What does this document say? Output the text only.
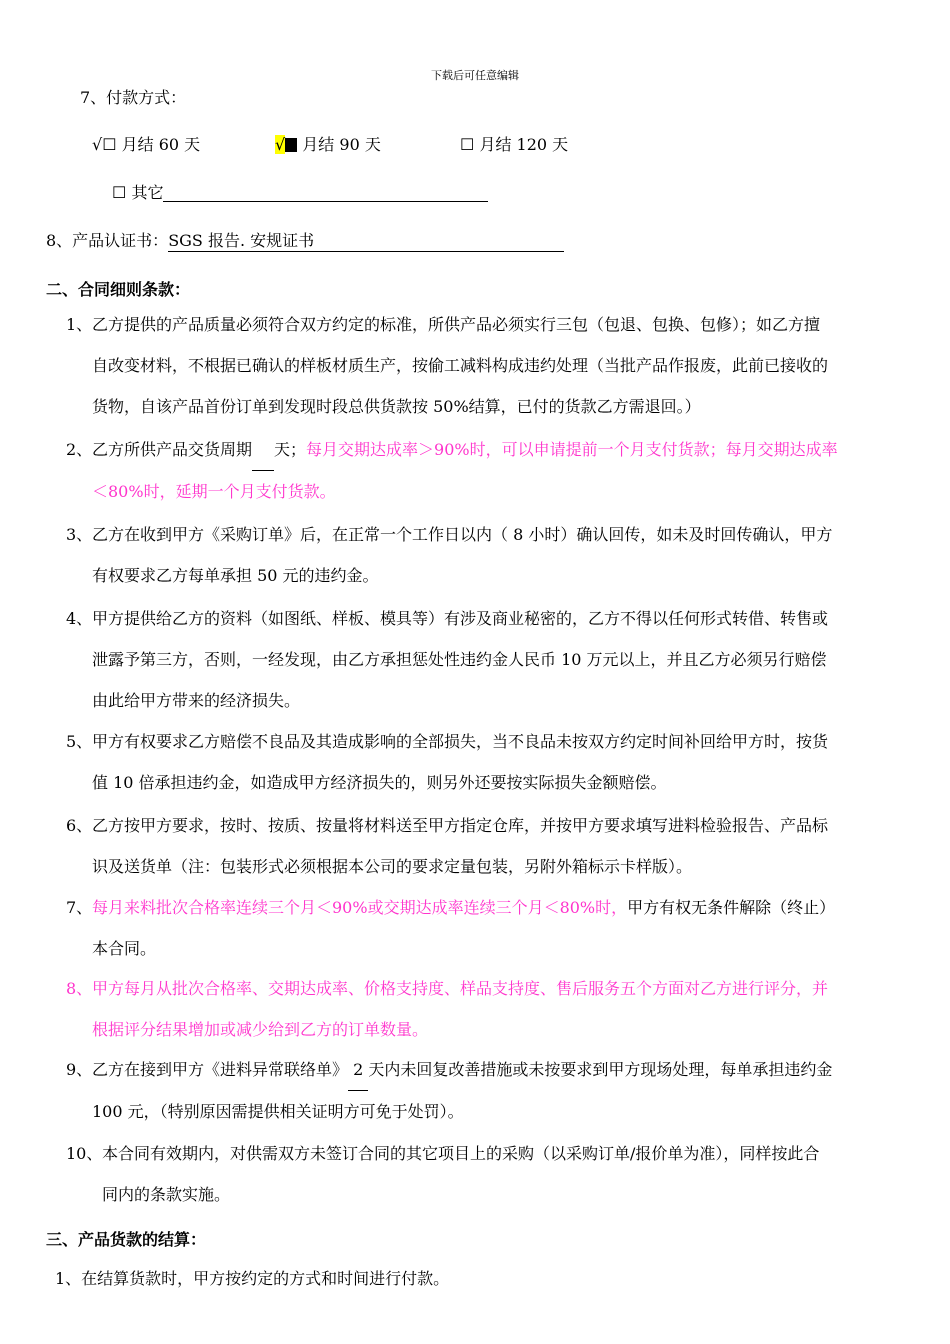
下载后可任意编辑
7、付款方式：
√☐ 月结 60 天	√ 月结 90 天	☐ 月结 120 天
☐ 其它
8、产品认证书：SGS 报告. 安规证书
二、合同细则条款：
1、 乙方提供的产品质量必须符合双方约定的标准，所供产品必须实行三包（包退、包换、包修）；如乙方擅
自改变材料，不根据已确认的样板材质生产，按偷工减料构成违约处理（当批产品作报废，此前已接收的
货物，自该产品首份订单到发现时段总供货款按 50%结算，已付的货款乙方需退回。）
2、 乙方所供产品交货周期 天；每月交期达成率＞90%时，可以申请提前一个月支付货款；每月交期达成率
＜80%时，延期一个月支付货款。
3、 乙方在收到甲方《采购订单》后，在正常一个工作日以内（ 8 小时）确认回传，如未及时回传确认，甲方
有权要求乙方每单承担 50 元的违约金。
4、 甲方提供给乙方的资料（如图纸、样板、模具等）有涉及商业秘密的，乙方不得以任何形式转借、转售或
泄露予第三方，否则，一经发现，由乙方承担惩处性违约金人民币 10 万元以上，并且乙方必须另行赔偿
由此给甲方带来的经济损失。
5、 甲方有权要求乙方赔偿不良品及其造成影响的全部损失，当不良品未按双方约定时间补回给甲方时，按货
值 10 倍承担违约金，如造成甲方经济损失的，则另外还要按实际损失金额赔偿。
6、 乙方按甲方要求，按时、按质、按量将材料送至甲方指定仓库，并按甲方要求填写进料检验报告、产品标
识及送货单（注：包装形式必须根据本公司的要求定量包装，另附外箱标示卡样版）。
7、 每月来料批次合格率连续三个月＜90%或交期达成率连续三个月＜80%时，甲方有权无条件解除（终止）
本合同。
8、 甲方每月从批次合格率、交期达成率、价格支持度、样品支持度、售后服务五个方面对乙方进行评分，并
根据评分结果增加或减少给到乙方的订单数量。
9、 乙方在接到甲方《进料异常联络单》 2 天内未回复改善措施或未按要求到甲方现场处理，每单承担违约金
100 元，（特别原因需提供相关证明方可免于处罚）。
10、 本合同有效期内，对供需双方未签订合同的其它项目上的采购（以采购订单/报价单为准），同样按此合
同内的条款实施。
三、产品货款的结算：
1、在结算货款时，甲方按约定的方式和时间进行付款。
